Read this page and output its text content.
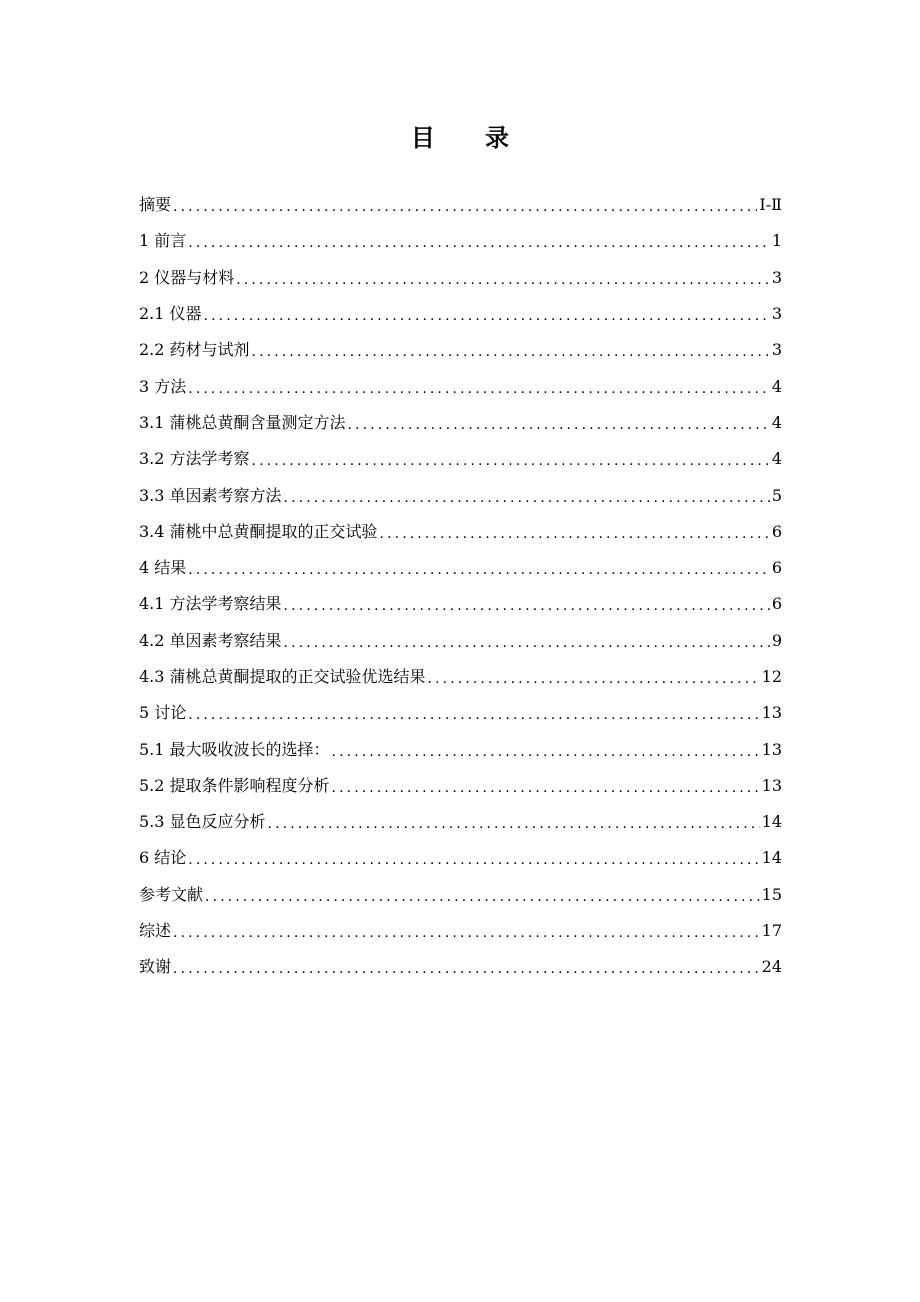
目      录
摘要 .....	Ⅰ-Ⅱ
1 前言 .....	1
2 仪器与材料 .....	3
2.1 仪器 .....	3
2.2 药材与试剂 .....	3
3 方法 .....	4
3.1 蒲桃总黄酮含量测定方法 .....	4
3.2 方法学考察 .....	4
3.3 单因素考察方法 .....	5
3.4 蒲桃中总黄酮提取的正交试验 .....	6
4 结果 .....	6
4.1 方法学考察结果 .....	6
4.2 单因素考察结果 .....	9
4.3 蒲桃总黄酮提取的正交试验优选结果 .....	12
5 讨论 .....	13
5.1 最大吸收波长的选择： .....	13
5.2 提取条件影响程度分析 .....	13
5.3 显色反应分析 .....	14
6 结论 .....	14
参考文献 .....	15
综述 .....	17
致谢 .....	24
